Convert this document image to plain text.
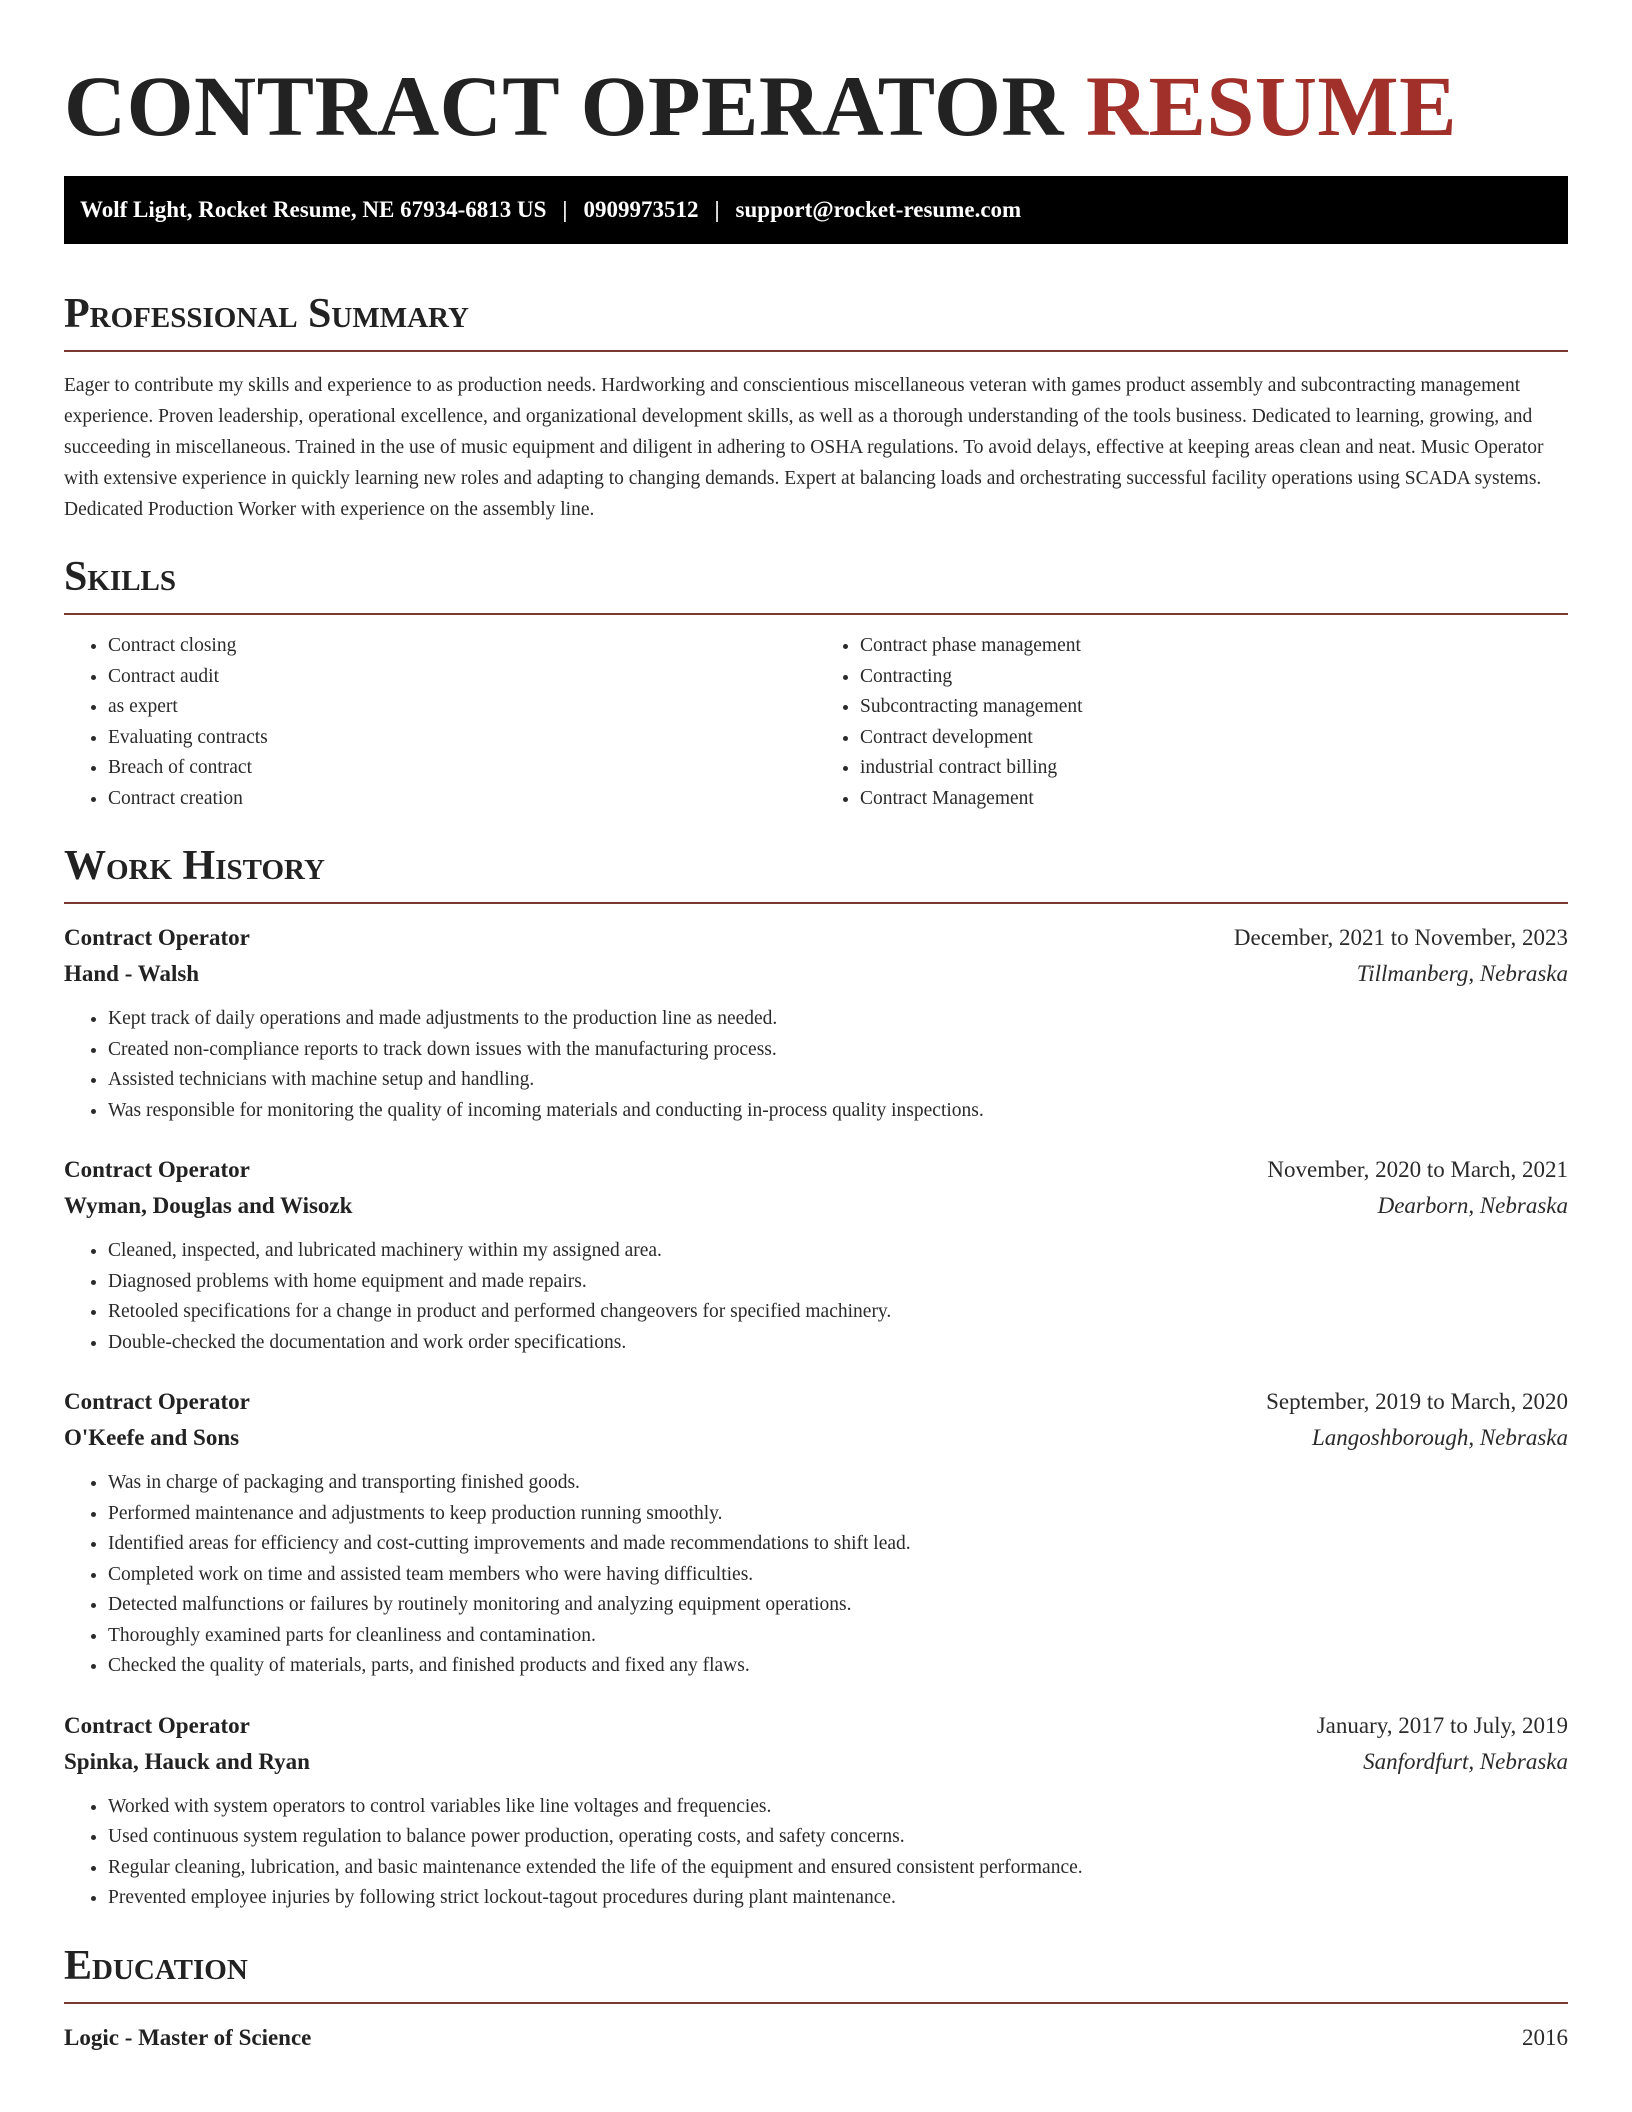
CONTRACT OPERATOR RESUME
Wolf Light, Rocket Resume, NE 67934-6813 US | 0909973512 | support@rocket-resume.com
Professional Summary

Eager to contribute my skills and experience to as production needs. Hardworking and conscientious miscellaneous veteran with games product assembly and subcontracting management experience. Proven leadership, operational excellence, and organizational development skills, as well as a thorough understanding of the tools business. Dedicated to learning, growing, and succeeding in miscellaneous. Trained in the use of music equipment and diligent in adhering to OSHA regulations. To avoid delays, effective at keeping areas clean and neat. Music Operator with extensive experience in quickly learning new roles and adapting to changing demands. Expert at balancing loads and orchestrating successful facility operations using SCADA systems. Dedicated Production Worker with experience on the assembly line.

Skills
• Contract closing
• Contract audit
• as expert
• Evaluating contracts
• Breach of contract
• Contract creation
• Contract phase management
• Contracting
• Subcontracting management
• Contract development
• industrial contract billing
• Contract Management
Work History
Contract Operator	December, 2021 to November, 2023
Hand - Walsh	Tillmanberg, Nebraska
• Kept track of daily operations and made adjustments to the production line as needed.
• Created non-compliance reports to track down issues with the manufacturing process.
• Assisted technicians with machine setup and handling.
• Was responsible for monitoring the quality of incoming materials and conducting in-process quality inspections.
Contract Operator	November, 2020 to March, 2021
Wyman, Douglas and Wisozk	Dearborn, Nebraska
• Cleaned, inspected, and lubricated machinery within my assigned area.
• Diagnosed problems with home equipment and made repairs.
• Retooled specifications for a change in product and performed changeovers for specified machinery.
• Double-checked the documentation and work order specifications.
Contract Operator	September, 2019 to March, 2020
O'Keefe and Sons	Langoshborough, Nebraska
• Was in charge of packaging and transporting finished goods.
• Performed maintenance and adjustments to keep production running smoothly.
• Identified areas for efficiency and cost-cutting improvements and made recommendations to shift lead.
• Completed work on time and assisted team members who were having difficulties.
• Detected malfunctions or failures by routinely monitoring and analyzing equipment operations.
• Thoroughly examined parts for cleanliness and contamination.
• Checked the quality of materials, parts, and finished products and fixed any flaws.
Contract Operator	January, 2017 to July, 2019
Spinka, Hauck and Ryan	Sanfordfurt, Nebraska
• Worked with system operators to control variables like line voltages and frequencies.
• Used continuous system regulation to balance power production, operating costs, and safety concerns.
• Regular cleaning, lubrication, and basic maintenance extended the life of the equipment and ensured consistent performance.
• Prevented employee injuries by following strict lockout-tagout procedures during plant maintenance.
Education
Logic - Master of Science	2016
